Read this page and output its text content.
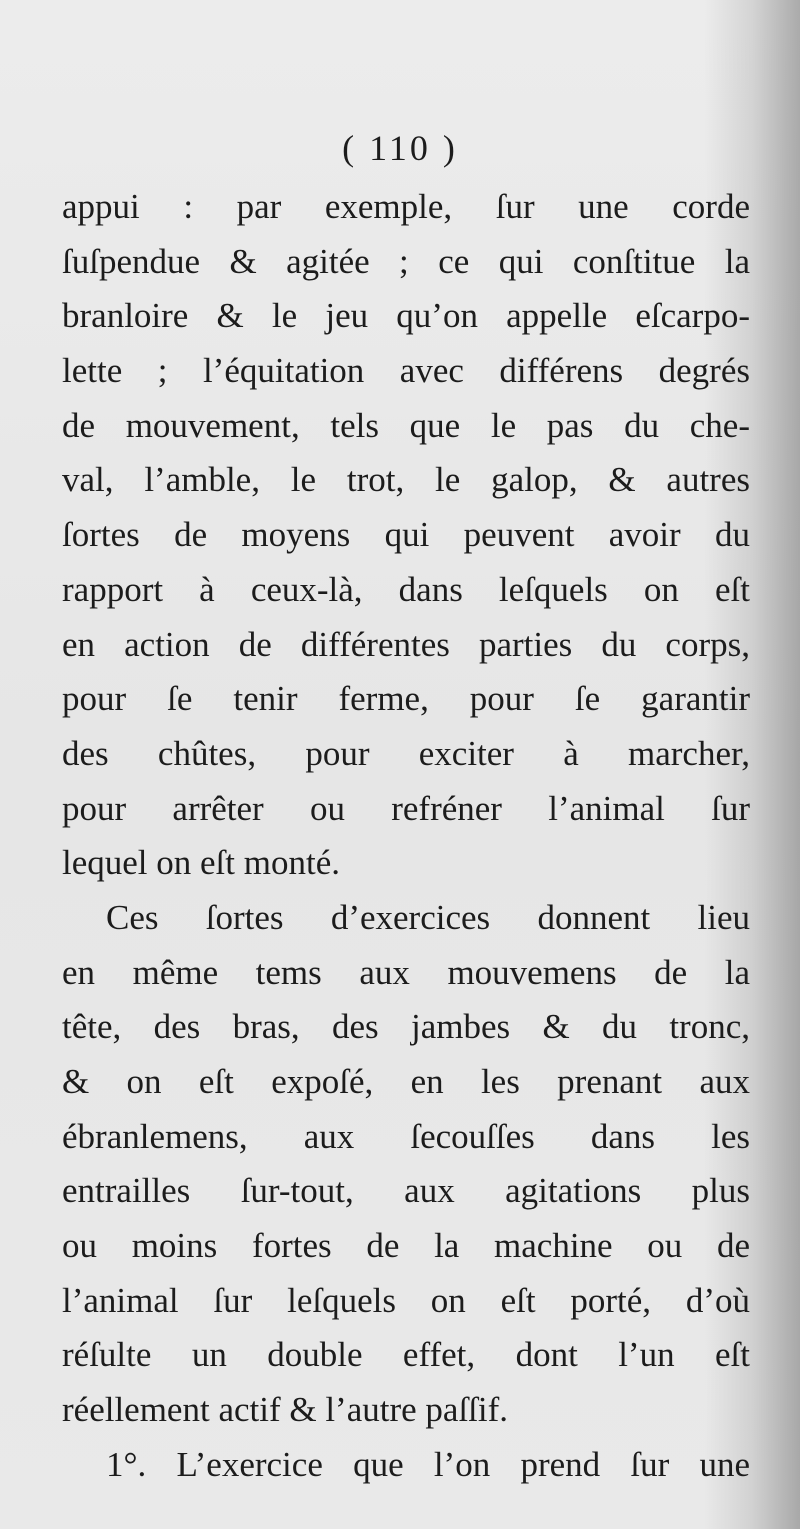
( 110 )
appui : par exemple, ſur une corde
ſuſpendue & agitée ; ce qui conſtitue la
branloire & le jeu qu’on appelle eſcarpo-
lette ; l’équitation avec différens degrés
de mouvement, tels que le pas du che-
val, l’amble, le trot, le galop, & autres
ſortes de moyens qui peuvent avoir du
rapport à ceux-là, dans leſquels on eſt
en action de différentes parties du corps,
pour ſe tenir ferme, pour ſe garantir
des chûtes, pour exciter à marcher,
pour arrêter ou refréner l’animal ſur
lequel on eſt monté.
Ces ſortes d’exercices donnent lieu
en même tems aux mouvemens de la
tête, des bras, des jambes & du tronc,
& on eſt expoſé, en les prenant aux
ébranlemens, aux ſecouſſes dans les
entrailles ſur-tout, aux agitations plus
ou moins fortes de la machine ou de
l’animal ſur leſquels on eſt porté, d’où
réſulte un double effet, dont l’un eſt
réellement actif & l’autre paſſif.
1°. L’exercice que l’on prend ſur une
